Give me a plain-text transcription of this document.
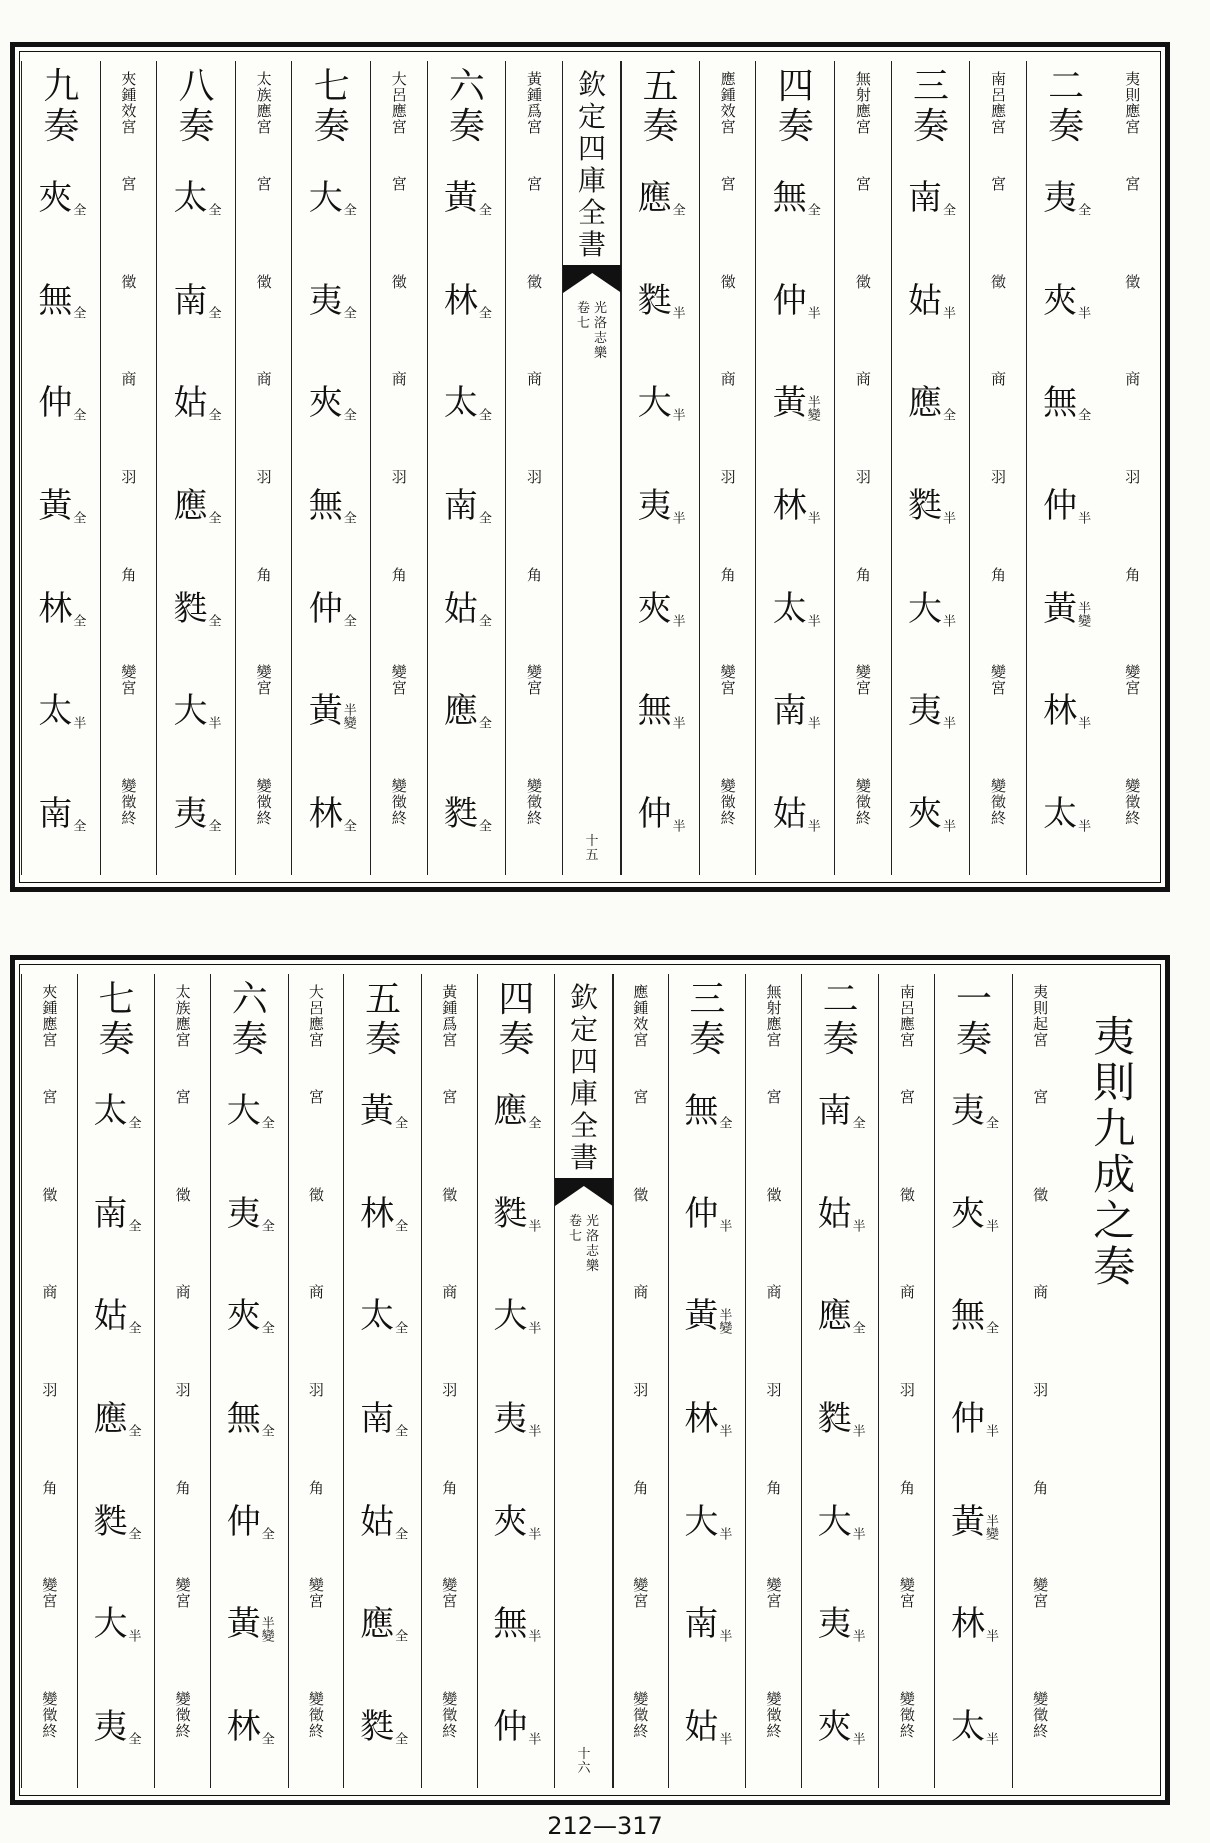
夷則應宮
宮
徵
商
羽
角
變宮
變徵終
二
奏
夷
全
夾
半
無
全
仲
半
黃
半變
林
半
太
半
南呂應宮
宮
徵
商
羽
角
變宮
變徵終
三
奏
南
全
姑
半
應
全
㽔
半
大
半
夷
半
夾
半
無射應宮
宮
徵
商
羽
角
變宮
變徵終
四
奏
無
全
仲
半
黃
半變
林
半
太
半
南
半
姑
半
應鍾效宮
宮
徵
商
羽
角
變宮
變徵終
五
奏
應
全
㽔
半
大
半
夷
半
夾
半
無
半
仲
半
欽定四庫全書
光洛志樂
卷七
十五
黃鍾爲宮
宮
徵
商
羽
角
變宮
變徵終
六
奏
黃
全
林
全
太
全
南
全
姑
全
應
全
㽔
全
大呂應宮
宮
徵
商
羽
角
變宮
變徵終
七
奏
大
全
夷
全
夾
全
無
全
仲
全
黃
半變
林
全
太族應宮
宮
徵
商
羽
角
變宮
變徵終
八
奏
太
全
南
全
姑
全
應
全
㽔
全
大
半
夷
全
夾鍾效宮
宮
徵
商
羽
角
變宮
變徵終
九
奏
夾
全
無
全
仲
全
黃
全
林
全
太
半
南
全
夷則九成之奏
夷則起宮
宮
徵
商
羽
角
變宮
變徵終
一
奏
夷
全
夾
半
無
全
仲
半
黃
半變
林
半
太
半
南呂應宮
宮
徵
商
羽
角
變宮
變徵終
二
奏
南
全
姑
半
應
全
㽔
半
大
半
夷
半
夾
半
無射應宮
宮
徵
商
羽
角
變宮
變徵終
三
奏
無
全
仲
半
黃
半變
林
半
大
半
南
半
姑
半
應鍾效宮
宮
徵
商
羽
角
變宮
變徵終
欽定四庫全書
光洛志樂
卷七
十六
四
奏
應
全
㽔
半
大
半
夷
半
夾
半
無
半
仲
半
黃鍾爲宮
宮
徵
商
羽
角
變宮
變徵終
五
奏
黃
全
林
全
太
全
南
全
姑
全
應
全
㽔
全
大呂應宮
宮
徵
商
羽
角
變宮
變徵終
六
奏
大
全
夷
全
夾
全
無
全
仲
全
黃
半變
林
全
太族應宮
宮
徵
商
羽
角
變宮
變徵終
七
奏
太
全
南
全
姑
全
應
全
㽔
全
大
半
夷
全
夾鍾應宮
宮
徵
商
羽
角
變宮
變徵終
212—317
